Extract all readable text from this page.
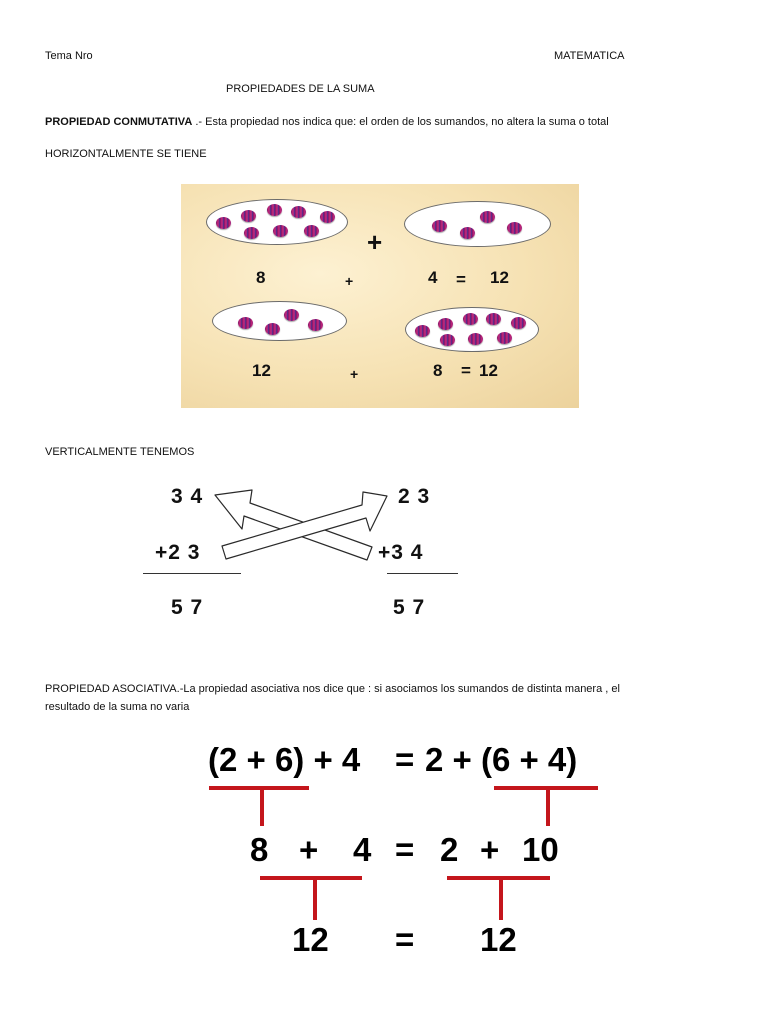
Tema Nro	MATEMATICA
PROPIEDADES DE LA SUMA
PROPIEDAD CONMUTATIVA .- Esta propiedad nos indica que: el orden de los sumandos, no altera la suma o total
HORIZONTALMENTE SE TIENE
+
8	+	4 = 12
12	+	8 = 12
VERTICALMENTE TENEMOS
3 4
+2 3
5 7
2 3
+3 4
5 7
PROPIEDAD ASOCIATIVA.-La propiedad asociativa nos dice que : si asociamos los sumandos de distinta manera , el
resultado de la suma no varia
(2 + 6) + 4 = 2 + (6 + 4)
8 + 4 = 2 + 10
12 = 12
